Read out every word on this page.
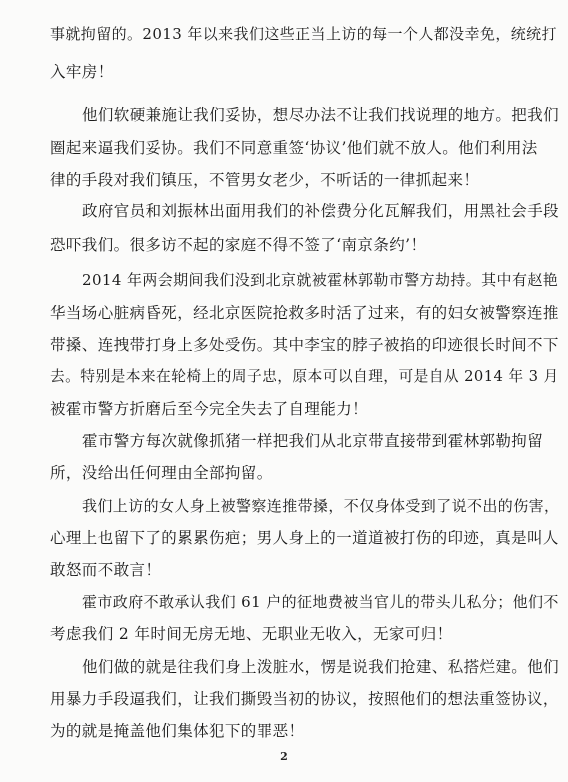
事就拘留的。2013 年以来我们这些正当上访的每一个人都没幸免，统统打
入牢房！
他们软硬兼施让我们妥协，想尽办法不让我们找说理的地方。把我们
圈起来逼我们妥协。我们不同意重签‘协议’他们就不放人。他们利用法
律的手段对我们镇压，不管男女老少，不听话的一律抓起来！
政府官员和刘振林出面用我们的补偿费分化瓦解我们，用黑社会手段
恐吓我们。很多访不起的家庭不得不签了‘南京条约’！
2014 年两会期间我们没到北京就被霍林郭勒市警方劫持。其中有赵艳
华当场心脏病昏死，经北京医院抢救多时活了过来，有的妇女被警察连推
带搡、连拽带打身上多处受伤。其中李宝的脖子被掐的印迹很长时间不下
去。特别是本来在轮椅上的周子忠，原本可以自理，可是自从 2014 年 3 月
被霍市警方折磨后至今完全失去了自理能力！
霍市警方每次就像抓猪一样把我们从北京带直接带到霍林郭勒拘留
所，没给出任何理由全部拘留。
我们上访的女人身上被警察连推带搡，不仅身体受到了说不出的伤害，
心理上也留下了的累累伤疤；男人身上的一道道被打伤的印迹，真是叫人
敢怒而不敢言！
霍市政府不敢承认我们 61 户的征地费被当官儿的带头儿私分；他们不
考虑我们 2 年时间无房无地、无职业无收入，无家可归！
他们做的就是往我们身上泼脏水，愣是说我们抢建、私搭烂建。他们
用暴力手段逼我们，让我们撕毁当初的协议，按照他们的想法重签协议，
为的就是掩盖他们集体犯下的罪恶！
2
